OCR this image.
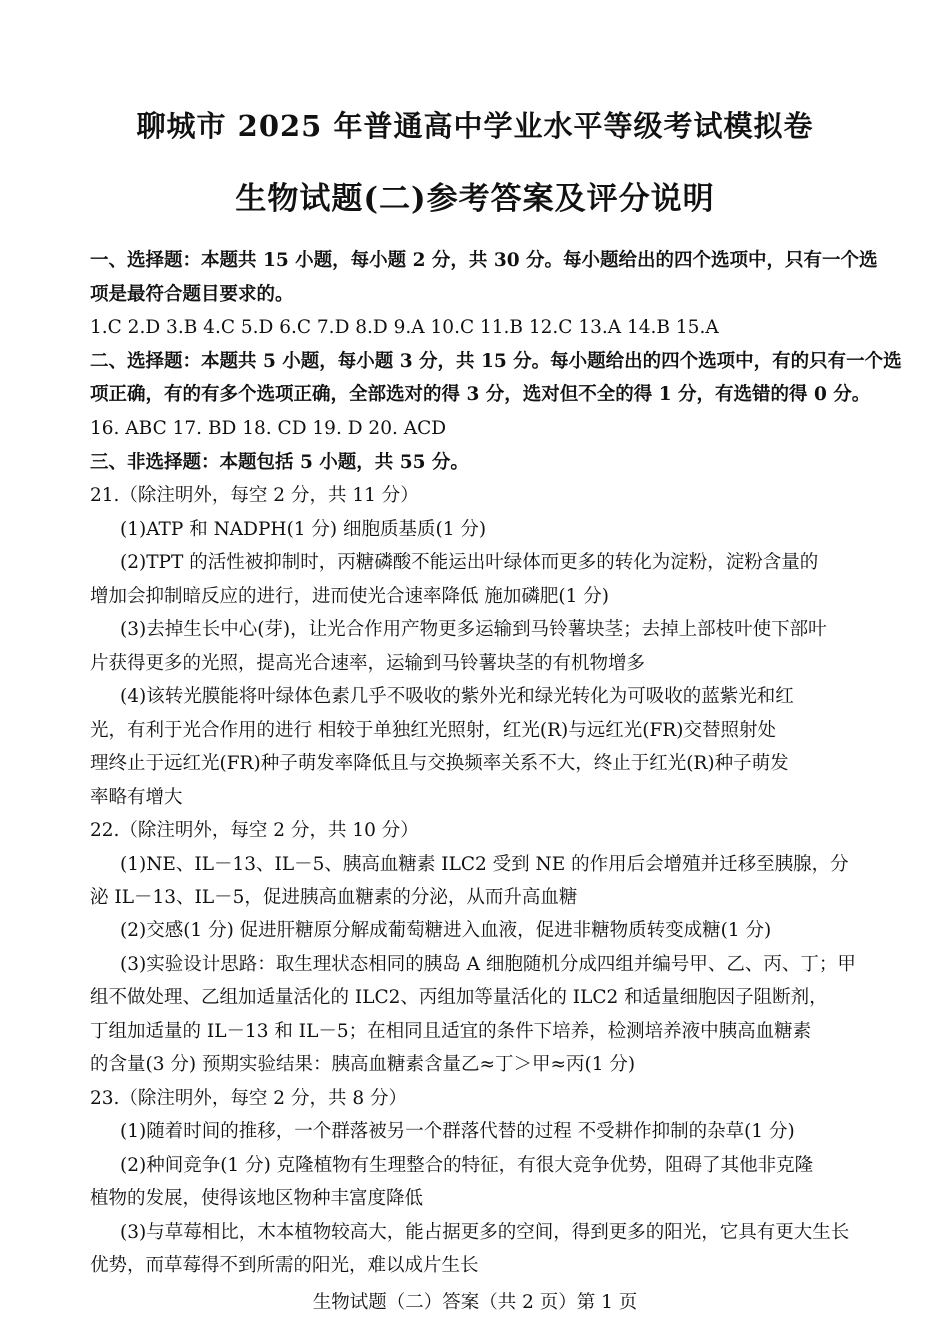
聊城市 2025 年普通高中学业水平等级考试模拟卷
生物试题(二)参考答案及评分说明
一、选择题：本题共 15 小题，每小题 2 分，共 30 分。每小题给出的四个选项中，只有一个选
项是最符合题目要求的。
1.C 2.D 3.B 4.C 5.D 6.C 7.D 8.D 9.A 10.C 11.B 12.C 13.A 14.B 15.A
二、选择题：本题共 5 小题，每小题 3 分，共 15 分。每小题给出的四个选项中，有的只有一个选
项正确，有的有多个选项正确，全部选对的得 3 分，选对但不全的得 1 分，有选错的得 0 分。
16. ABC 17. BD 18. CD 19. D 20. ACD
三、非选择题：本题包括 5 小题，共 55 分。
21.（除注明外，每空 2 分，共 11 分）
(1)ATP 和 NADPH(1 分) 细胞质基质(1 分)
(2)TPT 的活性被抑制时，丙糖磷酸不能运出叶绿体而更多的转化为淀粉，淀粉含量的
增加会抑制暗反应的进行，进而使光合速率降低 施加磷肥(1 分)
(3)去掉生长中心(芽)，让光合作用产物更多运输到马铃薯块茎；去掉上部枝叶使下部叶
片获得更多的光照，提高光合速率，运输到马铃薯块茎的有机物增多
(4)该转光膜能将叶绿体色素几乎不吸收的紫外光和绿光转化为可吸收的蓝紫光和红
光，有利于光合作用的进行 相较于单独红光照射，红光(R)与远红光(FR)交替照射处
理终止于远红光(FR)种子萌发率降低且与交换频率关系不大，终止于红光(R)种子萌发
率略有增大
22.（除注明外，每空 2 分，共 10 分）
(1)NE、IL－13、IL－5、胰高血糖素 ILC2 受到 NE 的作用后会增殖并迁移至胰腺，分
泌 IL－13、IL－5，促进胰高血糖素的分泌，从而升高血糖
(2)交感(1 分) 促进肝糖原分解成葡萄糖进入血液，促进非糖物质转变成糖(1 分)
(3)实验设计思路：取生理状态相同的胰岛 A 细胞随机分成四组并编号甲、乙、丙、丁；甲
组不做处理、乙组加适量活化的 ILC2、丙组加等量活化的 ILC2 和适量细胞因子阻断剂，
丁组加适量的 IL－13 和 IL－5；在相同且适宜的条件下培养，检测培养液中胰高血糖素
的含量(3 分) 预期实验结果：胰高血糖素含量乙≈丁＞甲≈丙(1 分)
23.（除注明外，每空 2 分，共 8 分）
(1)随着时间的推移，一个群落被另一个群落代替的过程 不受耕作抑制的杂草(1 分)
(2)种间竞争(1 分) 克隆植物有生理整合的特征，有很大竞争优势，阻碍了其他非克隆
植物的发展，使得该地区物种丰富度降低
(3)与草莓相比，木本植物较高大，能占据更多的空间，得到更多的阳光，它具有更大生长
优势，而草莓得不到所需的阳光，难以成片生长
生物试题（二）答案（共 2 页）第 1 页
